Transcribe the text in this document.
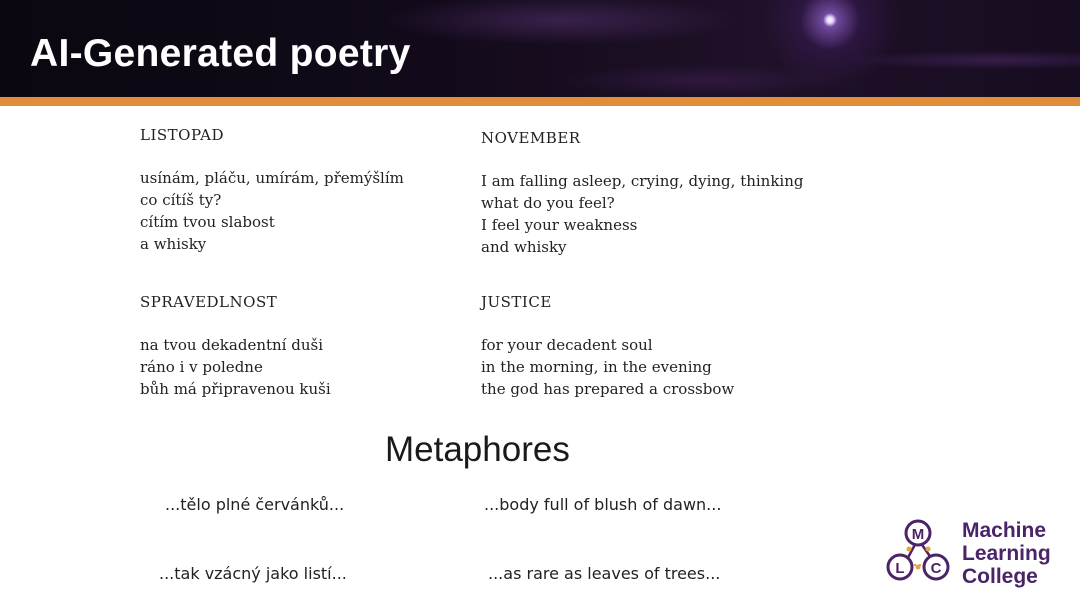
AI-Generated poetry

LISTOPAD

usínám, pláču, umírám, přemýšlím

co cítíš ty?

cítím tvou slabost

a whisky

NOVEMBER

I am falling asleep, crying, dying, thinking

what do you feel?

I feel your weakness

and whisky

SPRAVEDLNOST

na tvou dekadentní duši

ráno i v poledne

bůh má připravenou kuši

JUSTICE

for your decadent soul

in the morning, in the evening

the god has prepared a crossbow

Metaphores
...tělo plné červánků...	...body full of blush of dawn...
...tak vzácný jako listí...	...as rare as leaves of trees...
M
L C
Machine
Learning
College
